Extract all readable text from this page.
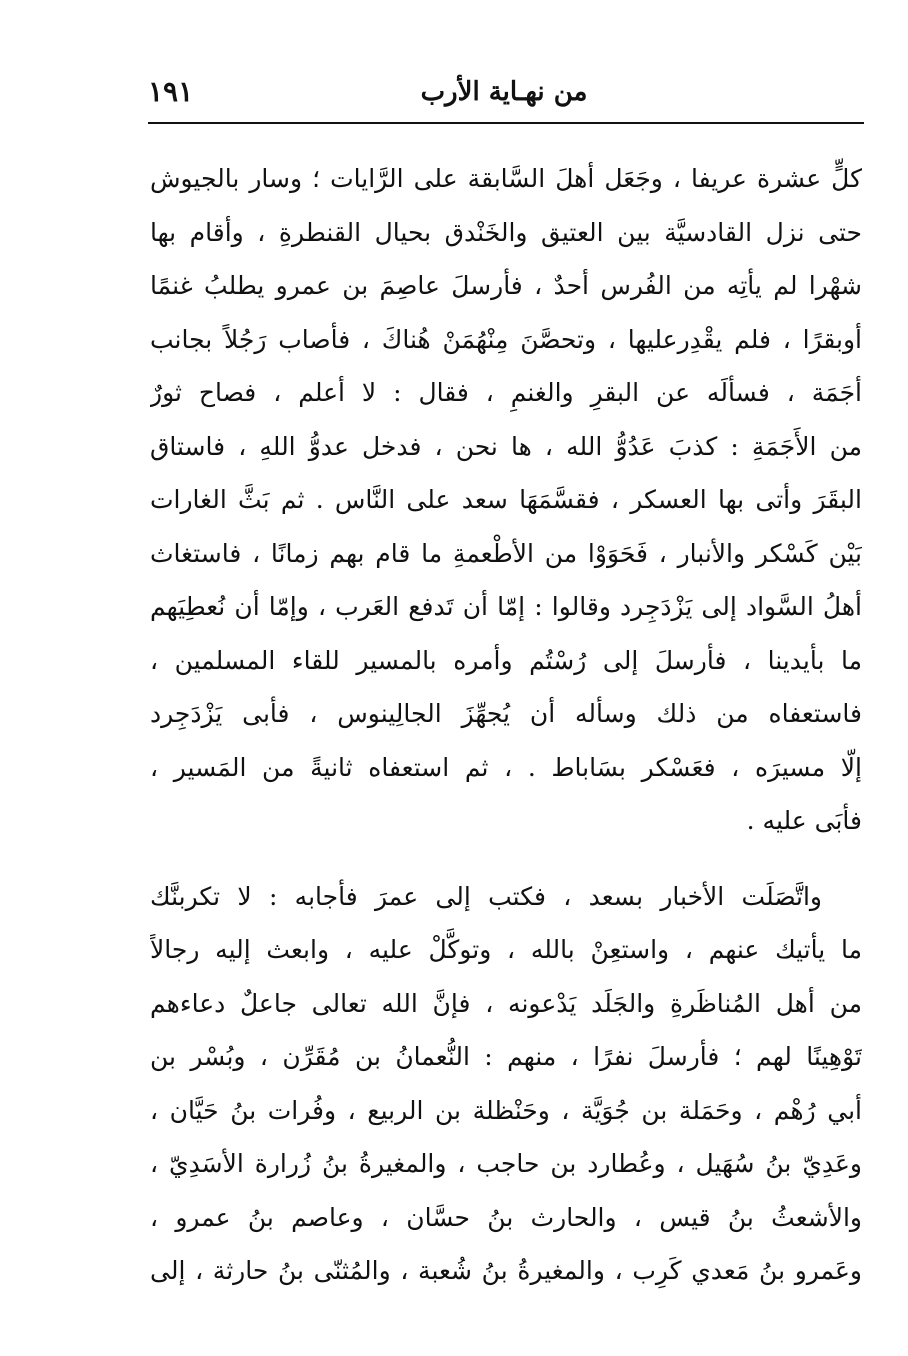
١٩١	من نهـاية الأرب
كلٍّ عشرة عريفا ، وجَعَل أهلَ السَّابقة على الرَّايات ؛ وسار بالجيوش
حتى نزل القادسيَّة بين العتيق والخَنْدق بحيال القنطرةِ ، وأقام بها
شهْرا لم يأتِه من الفُرس أحدٌ ، فأرسلَ عاصِمَ بن عمرو يطلبُ غنمًا
أوبقرًا ، فلم يقْدِرعليها ، وتحصَّنَ مِنْهُمَنْ هُناكَ ، فأصاب رَجُلاً بجانب
أجَمَة ، فسألَه عن البقرِ والغنمِ ، فقال : لا أعلم ، فصاح ثورٌ
من الأَجَمَةِ : كذبَ عَدُوُّ الله ، ها نحن ، فدخل عدوُّ اللهِ ، فاستاق
البقَرَ وأتى بها العسكر ، فقسَّمَهَا سعد على النَّاس . ثم بَثَّ الغارات
بَيْن كَسْكر والأنبار ، فَحَوَوْا من الأطْعمةِ ما قام بهم زمانًا ، فاستغاث
أهلُ السَّواد إلى يَزْدَجِرد وقالوا : إمّا أن تَدفع العَرب ، وإمّا أن نُعطِيَهم
ما بأيدينا ، فأرسلَ إلى رُسْتُم وأمره بالمسير للقاء المسلمين ،
فاستعفاه من ذلك وسأله أن يُجهِّزَ الجالِينوس ، فأبى يَزْدَجِرد
إلّا مسيرَه ، فعَسْكر بسَاباط . ، ثم استعفاه ثانيةً من المَسير ،
فأبَى عليه .
واتَّصَلَت الأخبار بسعد ، فكتب إلى عمرَ فأجابه : لا تكربنَّك
ما يأتيك عنهم ، واستعِنْ بالله ، وتوكَّلْ عليه ، وابعث إليه رجالاً
من أهل المُناظَرةِ والجَلَد يَدْعونه ، فإنَّ الله تعالى جاعلٌ دعاءهم
تَوْهِينًا لهم ؛ فأرسلَ نفرًا ، منهم : النُّعمانُ بن مُقَرِّن ، وبُسْر بن
أبي رُهْم ، وحَمَلة بن جُوَيَّة ، وحَنْظلة بن الربيع ، وفُرات بنُ حَيَّان ،
وعَدِيّ بنُ سُهَيل ، وعُطارد بن حاجب ، والمغيرةُ بنُ زُرارة الأسَدِيّ ،
والأشعثُ بنُ قيس ، والحارث بنُ حسَّان ، وعاصم بنُ عمرو ،
وعَمرو بنُ مَعدي كَرِب ، والمغيرةُ بنُ شُعبة ، والمُثنّى بنُ حارثة ، إلى
